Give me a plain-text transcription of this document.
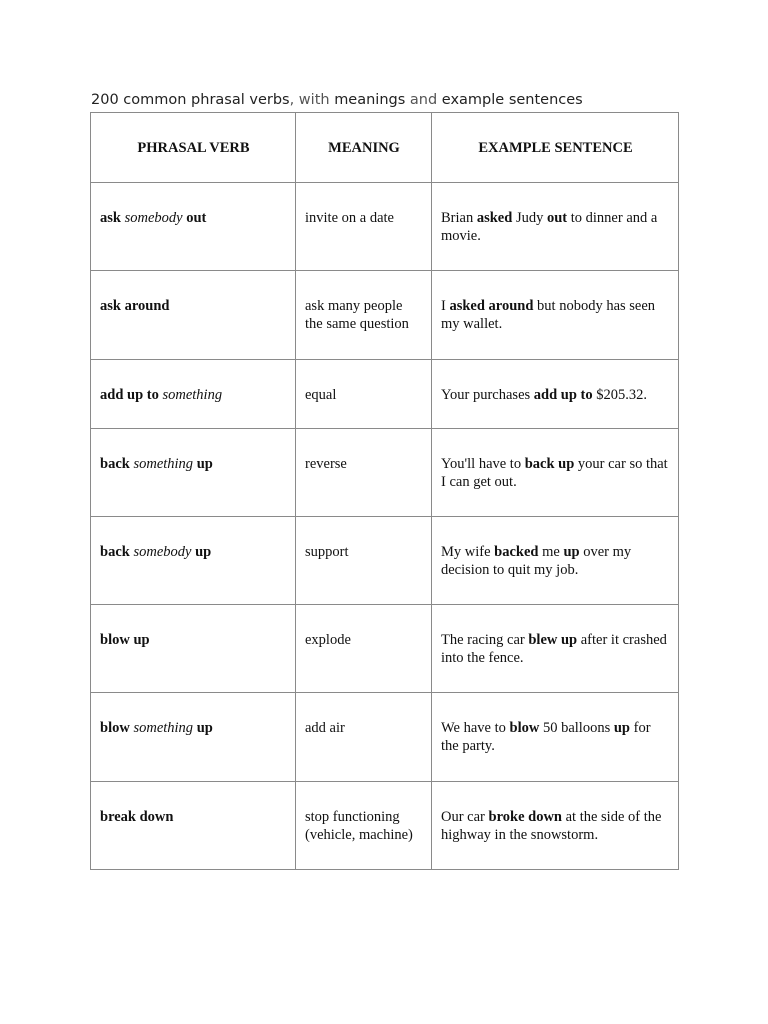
200 common phrasal verbs, with meanings and example sentences
PHRASAL VERB	MEANING	EXAMPLE SENTENCE
ask somebody out	invite on a date	Brian asked Judy out to dinner and a movie.
ask around	ask many people the same question	I asked around but nobody has seen my wallet.
add up to something	equal	Your purchases add up to $205.32.
back something up	reverse	You'll have to back up your car so that I can get out.
back somebody up	support	My wife backed me up over my decision to quit my job.
blow up	explode	The racing car blew up after it crashed into the fence.
blow something up	add air	We have to blow 50 balloons up for the party.
break down	stop functioning (vehicle, machine)	Our car broke down at the side of the highway in the snowstorm.
